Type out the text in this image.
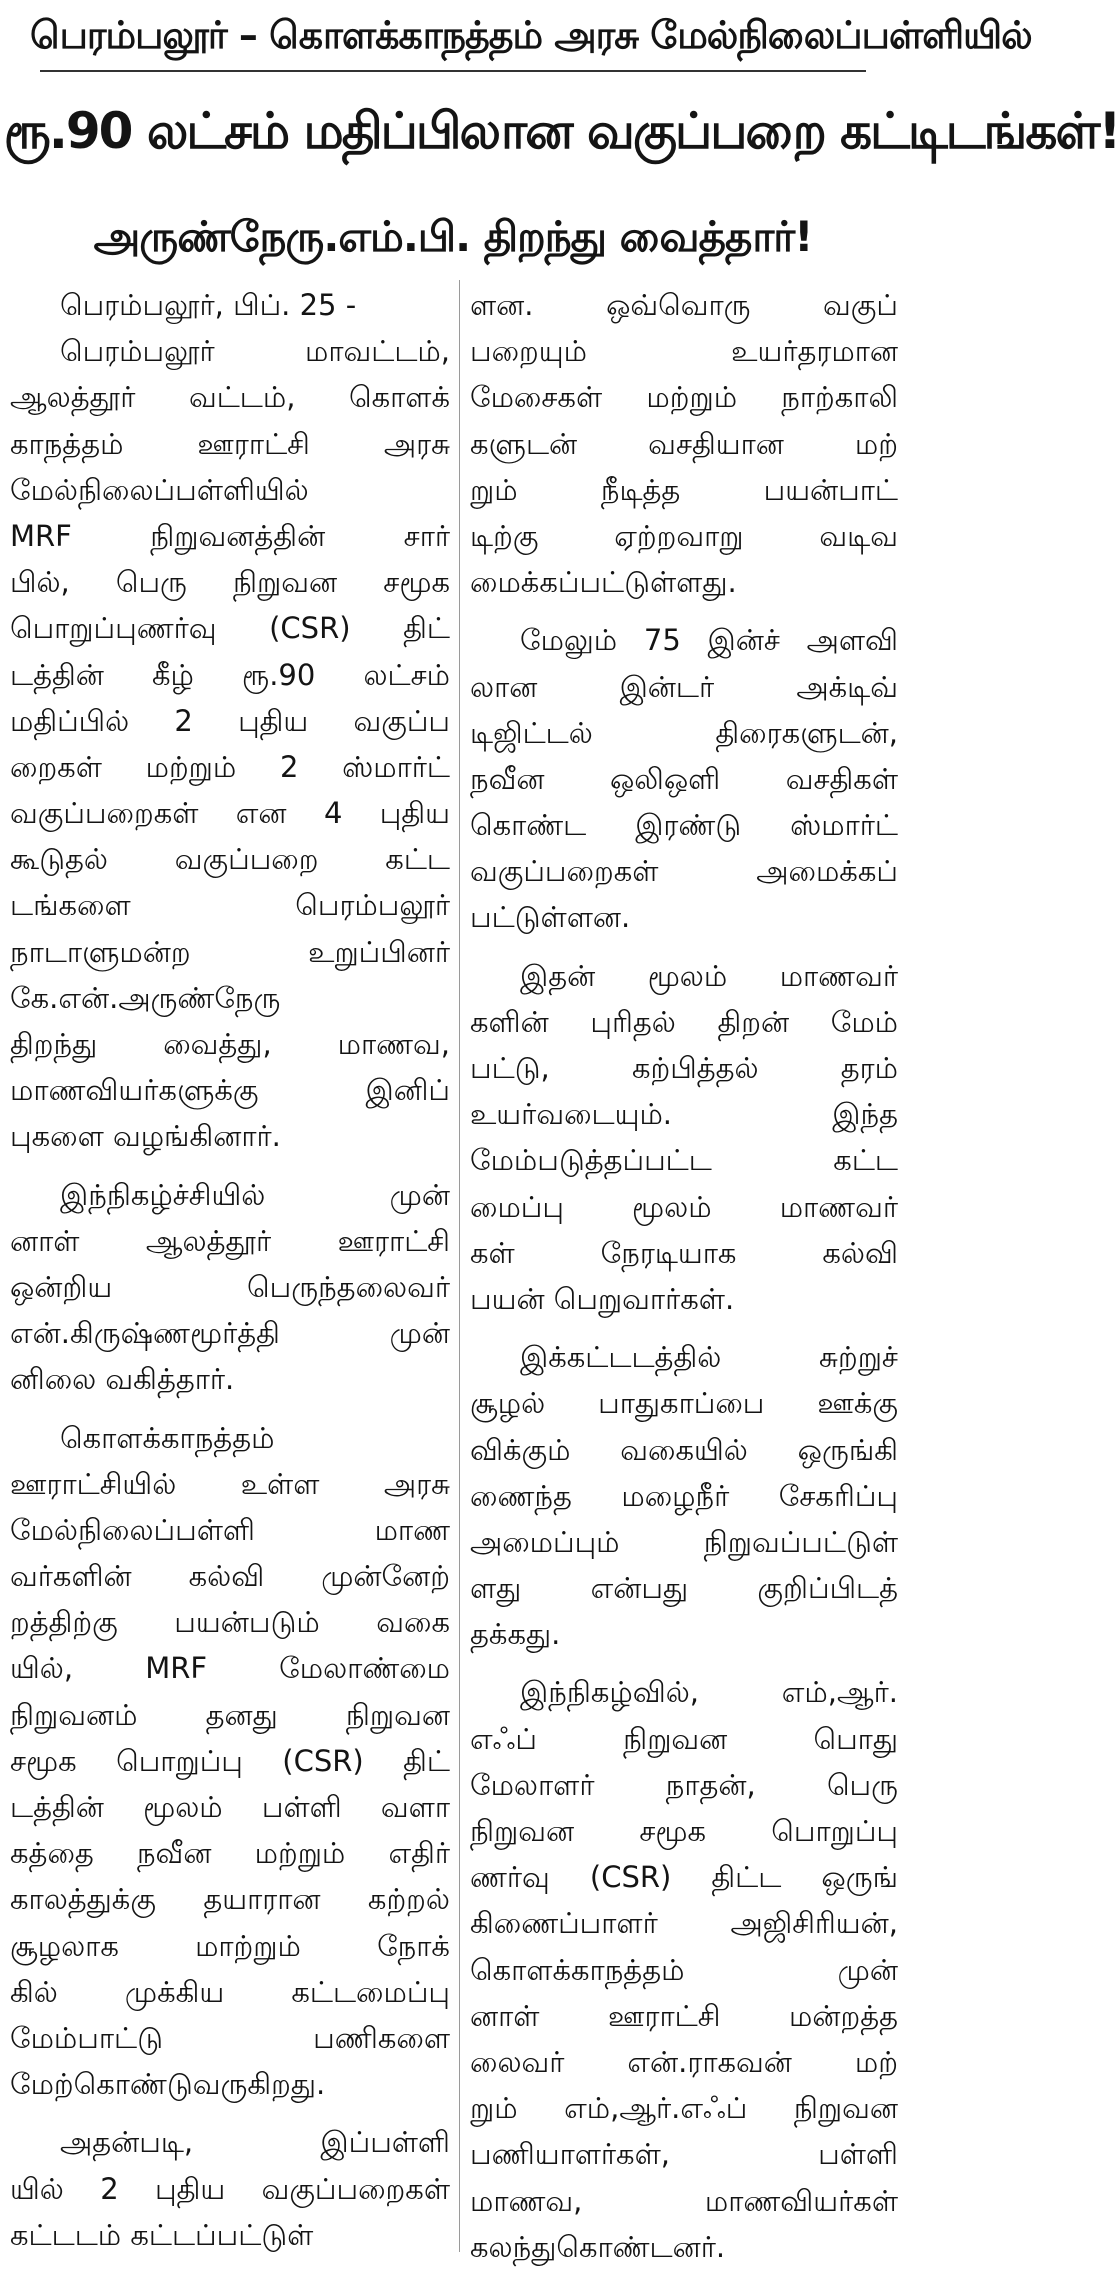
பெரம்பலூர் – கொளக்காநத்தம் அரசு மேல்நிலைப்பள்ளியில்
ரூ.90 லட்சம் மதிப்பிலான வகுப்பறை கட்டிடங்கள்!
அருண்நேரு.எம்.பி. திறந்து வைத்தார்!
பெரம்பலூர், பிப். 25 -
பெரம்பலூர் மாவட்டம்,
ஆலத்தூர் வட்டம், கொளக்
காநத்தம் ஊராட்சி அரசு
மேல்நிலைப்பள்ளியில்
MRF நிறுவனத்தின் சார்
பில், பெரு நிறுவன சமூக
பொறுப்புணர்வு (CSR) திட்
டத்தின் கீழ் ரூ.90 லட்சம்
மதிப்பில் 2 புதிய வகுப்ப
றைகள் மற்றும் 2 ஸ்மார்ட்
வகுப்பறைகள் என 4 புதிய
கூடுதல் வகுப்பறை கட்ட
டங்களை பெரம்பலூர்
நாடாளுமன்ற உறுப்பினர்
கே.என்.அருண்நேரு
திறந்து வைத்து, மாணவ,
மாணவியர்களுக்கு இனிப்
புகளை வழங்கினார்.
இந்நிகழ்ச்சியில் முன்
னாள் ஆலத்தூர் ஊராட்சி
ஒன்றிய பெருந்தலைவர்
என்.கிருஷ்ணமூர்த்தி முன்
னிலை வகித்தார்.
கொளக்காநத்தம்
ஊராட்சியில் உள்ள அரசு
மேல்நிலைப்பள்ளி மாண
வர்களின் கல்வி முன்னேற்
றத்திற்கு பயன்படும் வகை
யில், MRF மேலாண்மை
நிறுவனம் தனது நிறுவன
சமூக பொறுப்பு (CSR) திட்
டத்தின் மூலம் பள்ளி வளா
கத்தை நவீன மற்றும் எதிர்
காலத்துக்கு தயாரான கற்றல்
சூழலாக மாற்றும் நோக்
கில் முக்கிய கட்டமைப்பு
மேம்பாட்டு பணிகளை
மேற்கொண்டுவருகிறது.
அதன்படி, இப்பள்ளி
யில் 2 புதிய வகுப்பறைகள்
கட்டடம் கட்டப்பட்டுள்
ளன. ஒவ்வொரு வகுப்
பறையும் உயர்தரமான
மேசைகள் மற்றும் நாற்காலி
களுடன் வசதியான மற்
றும் நீடித்த பயன்பாட்
டிற்கு ஏற்றவாறு வடிவ
மைக்கப்பட்டுள்ளது.
மேலும் 75 இன்ச் அளவி
லான இன்டர் அக்டிவ்
டிஜிட்டல் திரைகளுடன்,
நவீன ஒலிஒளி வசதிகள்
கொண்ட இரண்டு ஸ்மார்ட்
வகுப்பறைகள் அமைக்கப்
பட்டுள்ளன.
இதன் மூலம் மாணவர்
களின் புரிதல் திறன் மேம்
பட்டு, கற்பித்தல் தரம்
உயர்வடையும். இந்த
மேம்படுத்தப்பட்ட கட்ட
மைப்பு மூலம் மாணவர்
கள் நேரடியாக கல்வி
பயன் பெறுவார்கள்.
இக்கட்டடத்தில் சுற்றுச்
சூழல் பாதுகாப்பை ஊக்கு
விக்கும் வகையில் ஒருங்கி
ணைந்த மழைநீர் சேகரிப்பு
அமைப்பும் நிறுவப்பட்டுள்
ளது என்பது குறிப்பிடத்
தக்கது.
இந்நிகழ்வில், எம்,ஆர்.
எஃப் நிறுவன பொது
மேலாளர் நாதன், பெரு
நிறுவன சமூக பொறுப்பு
ணர்வு (CSR) திட்ட ஒருங்
கிணைப்பாளர் அஜிசிரியன்,
கொளக்காநத்தம் முன்
னாள் ஊராட்சி மன்றத்த
லைவர் என்.ராகவன் மற்
றும் எம்,ஆர்.எஃப் நிறுவன
பணியாளர்கள், பள்ளி
மாணவ, மாணவியர்கள்
கலந்துகொண்டனர்.
